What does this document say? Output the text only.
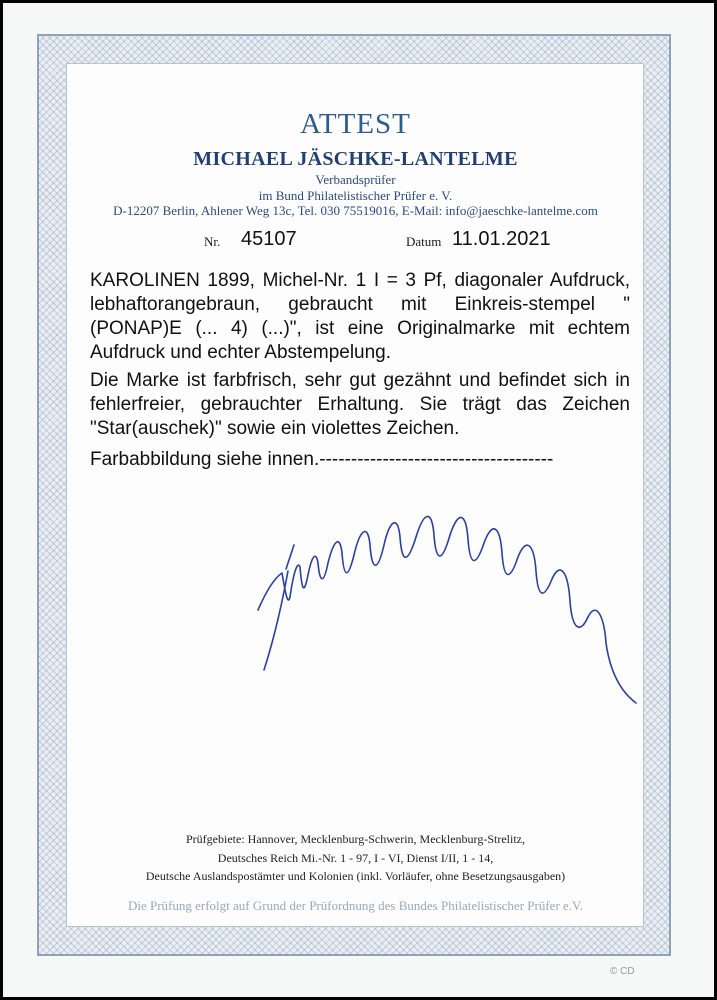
ATTEST
MICHAEL JÄSCHKE-LANTELME
Verbandsprüfer
im Bund Philatelistischer Prüfer e. V.
D-12207 Berlin, Ahlener Weg 13c, Tel. 030 75519016, E-Mail: info@jaeschke-lantelme.com
Nr. 45107	Datum 11.01.2021
KAROLINEN 1899, Michel-Nr. 1 I = 3 Pf, diagonaler Aufdruck, lebhaftorangebraun, gebraucht mit Einkreis-stempel "(PONAP)E (... 4) (...)", ist eine Originalmarke mit echtem Aufdruck und echter Abstempelung.
Die Marke ist farbfrisch, sehr gut gezähnt und befindet sich in fehlerfreier, gebrauchter Erhaltung. Sie trägt das Zeichen "Star(auschek)" sowie ein violettes Zeichen.
Farbabbildung siehe innen.-------------------------------------
Prüfgebiete: Hannover, Mecklenburg-Schwerin, Mecklenburg-Strelitz,
Deutsches Reich Mi.-Nr. 1 - 97, I - VI, Dienst I/II, 1 - 14,
Deutsche Auslandspostämter und Kolonien (inkl. Vorläufer, ohne Besetzungsausgaben)
Die Prüfung erfolgt auf Grund der Prüfordnung des Bundes Philatelistischer Prüfer e.V.
© ϹD
